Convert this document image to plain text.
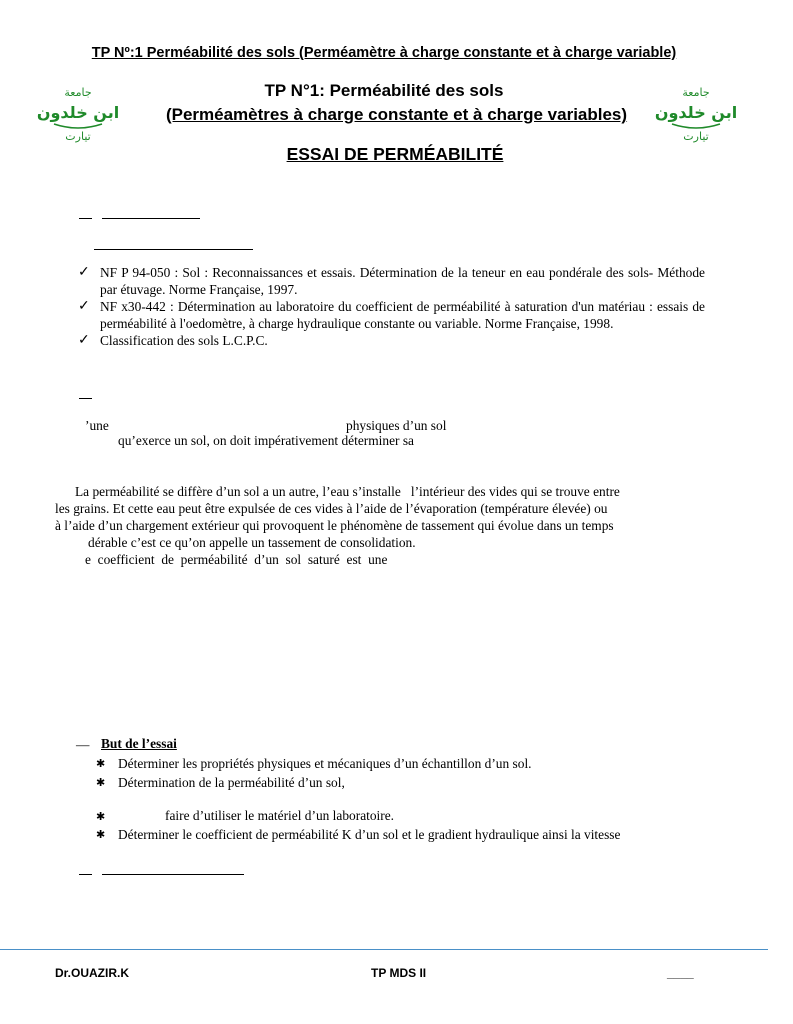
TP Nº:1 Perméabilité des sols (Perméamètre à charge constante et à charge variable)
جامعة
ابن خلدون
تيارت
جامعة
ابن خلدون
تيارت
TP N°1: Perméabilité des sols
(Perméamètres à charge constante et à charge variables)
ESSAI DE PERMÉABILITÉ
✓ NF P 94-050 : Sol : Reconnaissances et essais. Détermination de la teneur en eau pondérale des sols- Méthode par étuvage. Norme Française, 1997.
✓ NF x30-442 : Détermination au laboratoire du coefficient de perméabilité à saturation d'un matériau : essais de perméabilité à l'oedomètre, à charge hydraulique constante ou variable. Norme Française, 1998.
✓ Classification des sols L.C.P.C.
’une	physiques d’un sol
qu’exerce un sol, on doit impérativement déterminer sa
La perméabilité se diffère d’un sol a un autre, l’eau s’installe   l’intérieur des vides qui se trouve entre
les grains. Et cette eau peut être expulsée de ces vides à l’aide de l’évaporation (température élevée) ou
à l’aide d’un chargement extérieur qui provoquent le phénomène de tassement qui évolue dans un temps
dérable c’est ce qu’on appelle un tassement de consolidation.
e  coefficient  de  perméabilité  d’un  sol  saturé  est  une
— But de l’essai
✱ Déterminer les propriétés physiques et mécaniques d’un échantillon d’un sol.
✱ Détermination de la perméabilité d’un sol,
✱	faire d’utiliser le matériel d’un laboratoire.
✱ Déterminer le coefficient de perméabilité K d’un sol et le gradient hydraulique ainsi la vitesse
Dr.OUAZIR.K	TP MDS II	____
